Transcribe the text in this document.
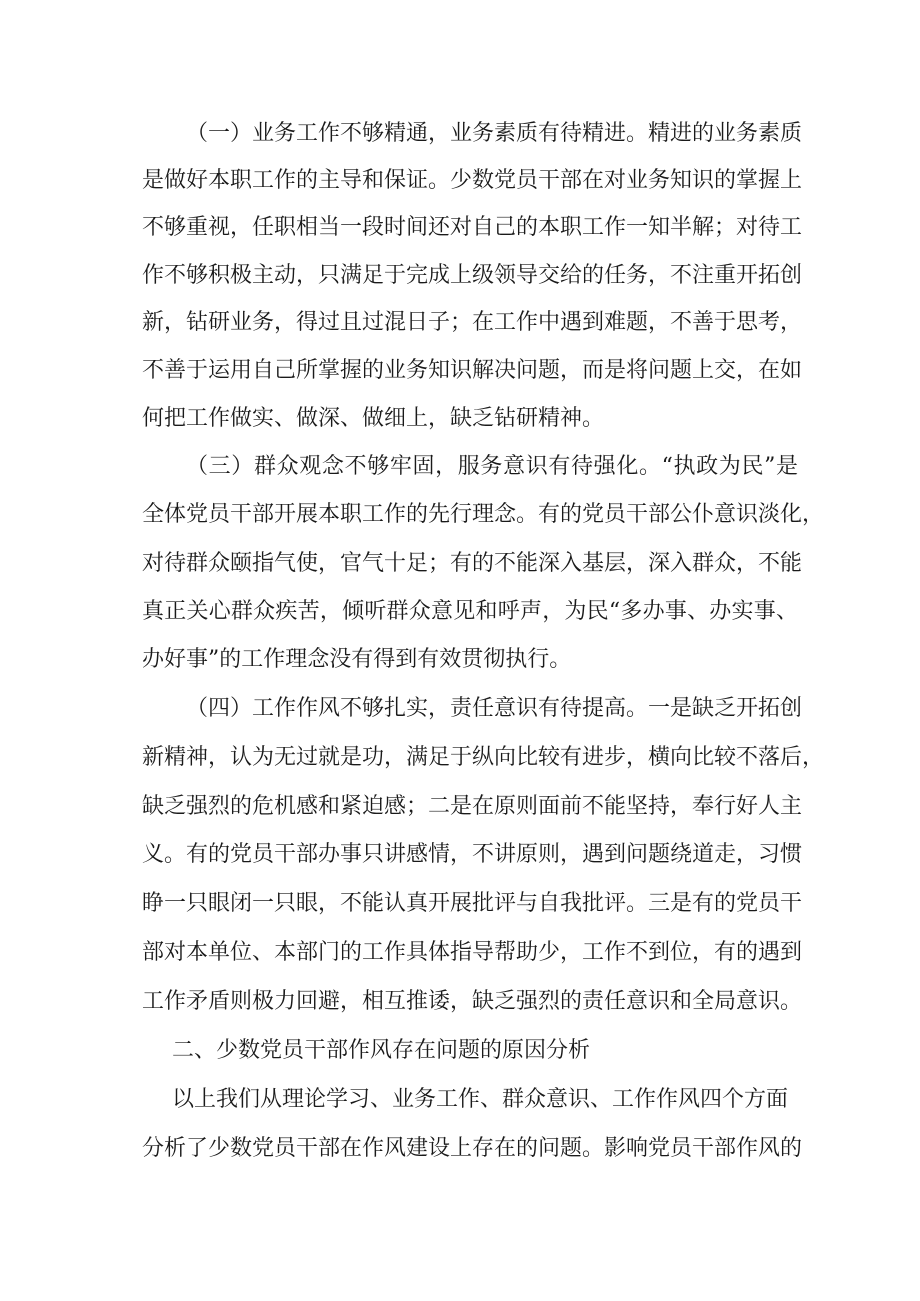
（一）业务工作不够精通，业务素质有待精进。精进的业务素质
是做好本职工作的主导和保证。少数党员干部在对业务知识的掌握上
不够重视，任职相当一段时间还对自己的本职工作一知半解；对待工
作不够积极主动，只满足于完成上级领导交给的任务，不注重开拓创
新，钻研业务，得过且过混日子；在工作中遇到难题，不善于思考，
不善于运用自己所掌握的业务知识解决问题，而是将问题上交，在如
何把工作做实、做深、做细上，缺乏钻研精神。
（三）群众观念不够牢固，服务意识有待强化。“执政为民”是
全体党员干部开展本职工作的先行理念。有的党员干部公仆意识淡化，
对待群众颐指气使，官气十足；有的不能深入基层，深入群众，不能
真正关心群众疾苦，倾听群众意见和呼声，为民“多办事、办实事、
办好事”的工作理念没有得到有效贯彻执行。
（四）工作作风不够扎实，责任意识有待提高。一是缺乏开拓创
新精神，认为无过就是功，满足于纵向比较有进步，横向比较不落后，
缺乏强烈的危机感和紧迫感；二是在原则面前不能坚持，奉行好人主
义。有的党员干部办事只讲感情，不讲原则，遇到问题绕道走，习惯
睁一只眼闭一只眼，不能认真开展批评与自我批评。三是有的党员干
部对本单位、本部门的工作具体指导帮助少，工作不到位，有的遇到
工作矛盾则极力回避，相互推诿，缺乏强烈的责任意识和全局意识。
二、少数党员干部作风存在问题的原因分析
以上我们从理论学习、业务工作、群众意识、工作作风四个方面
分析了少数党员干部在作风建设上存在的问题。影响党员干部作风的
